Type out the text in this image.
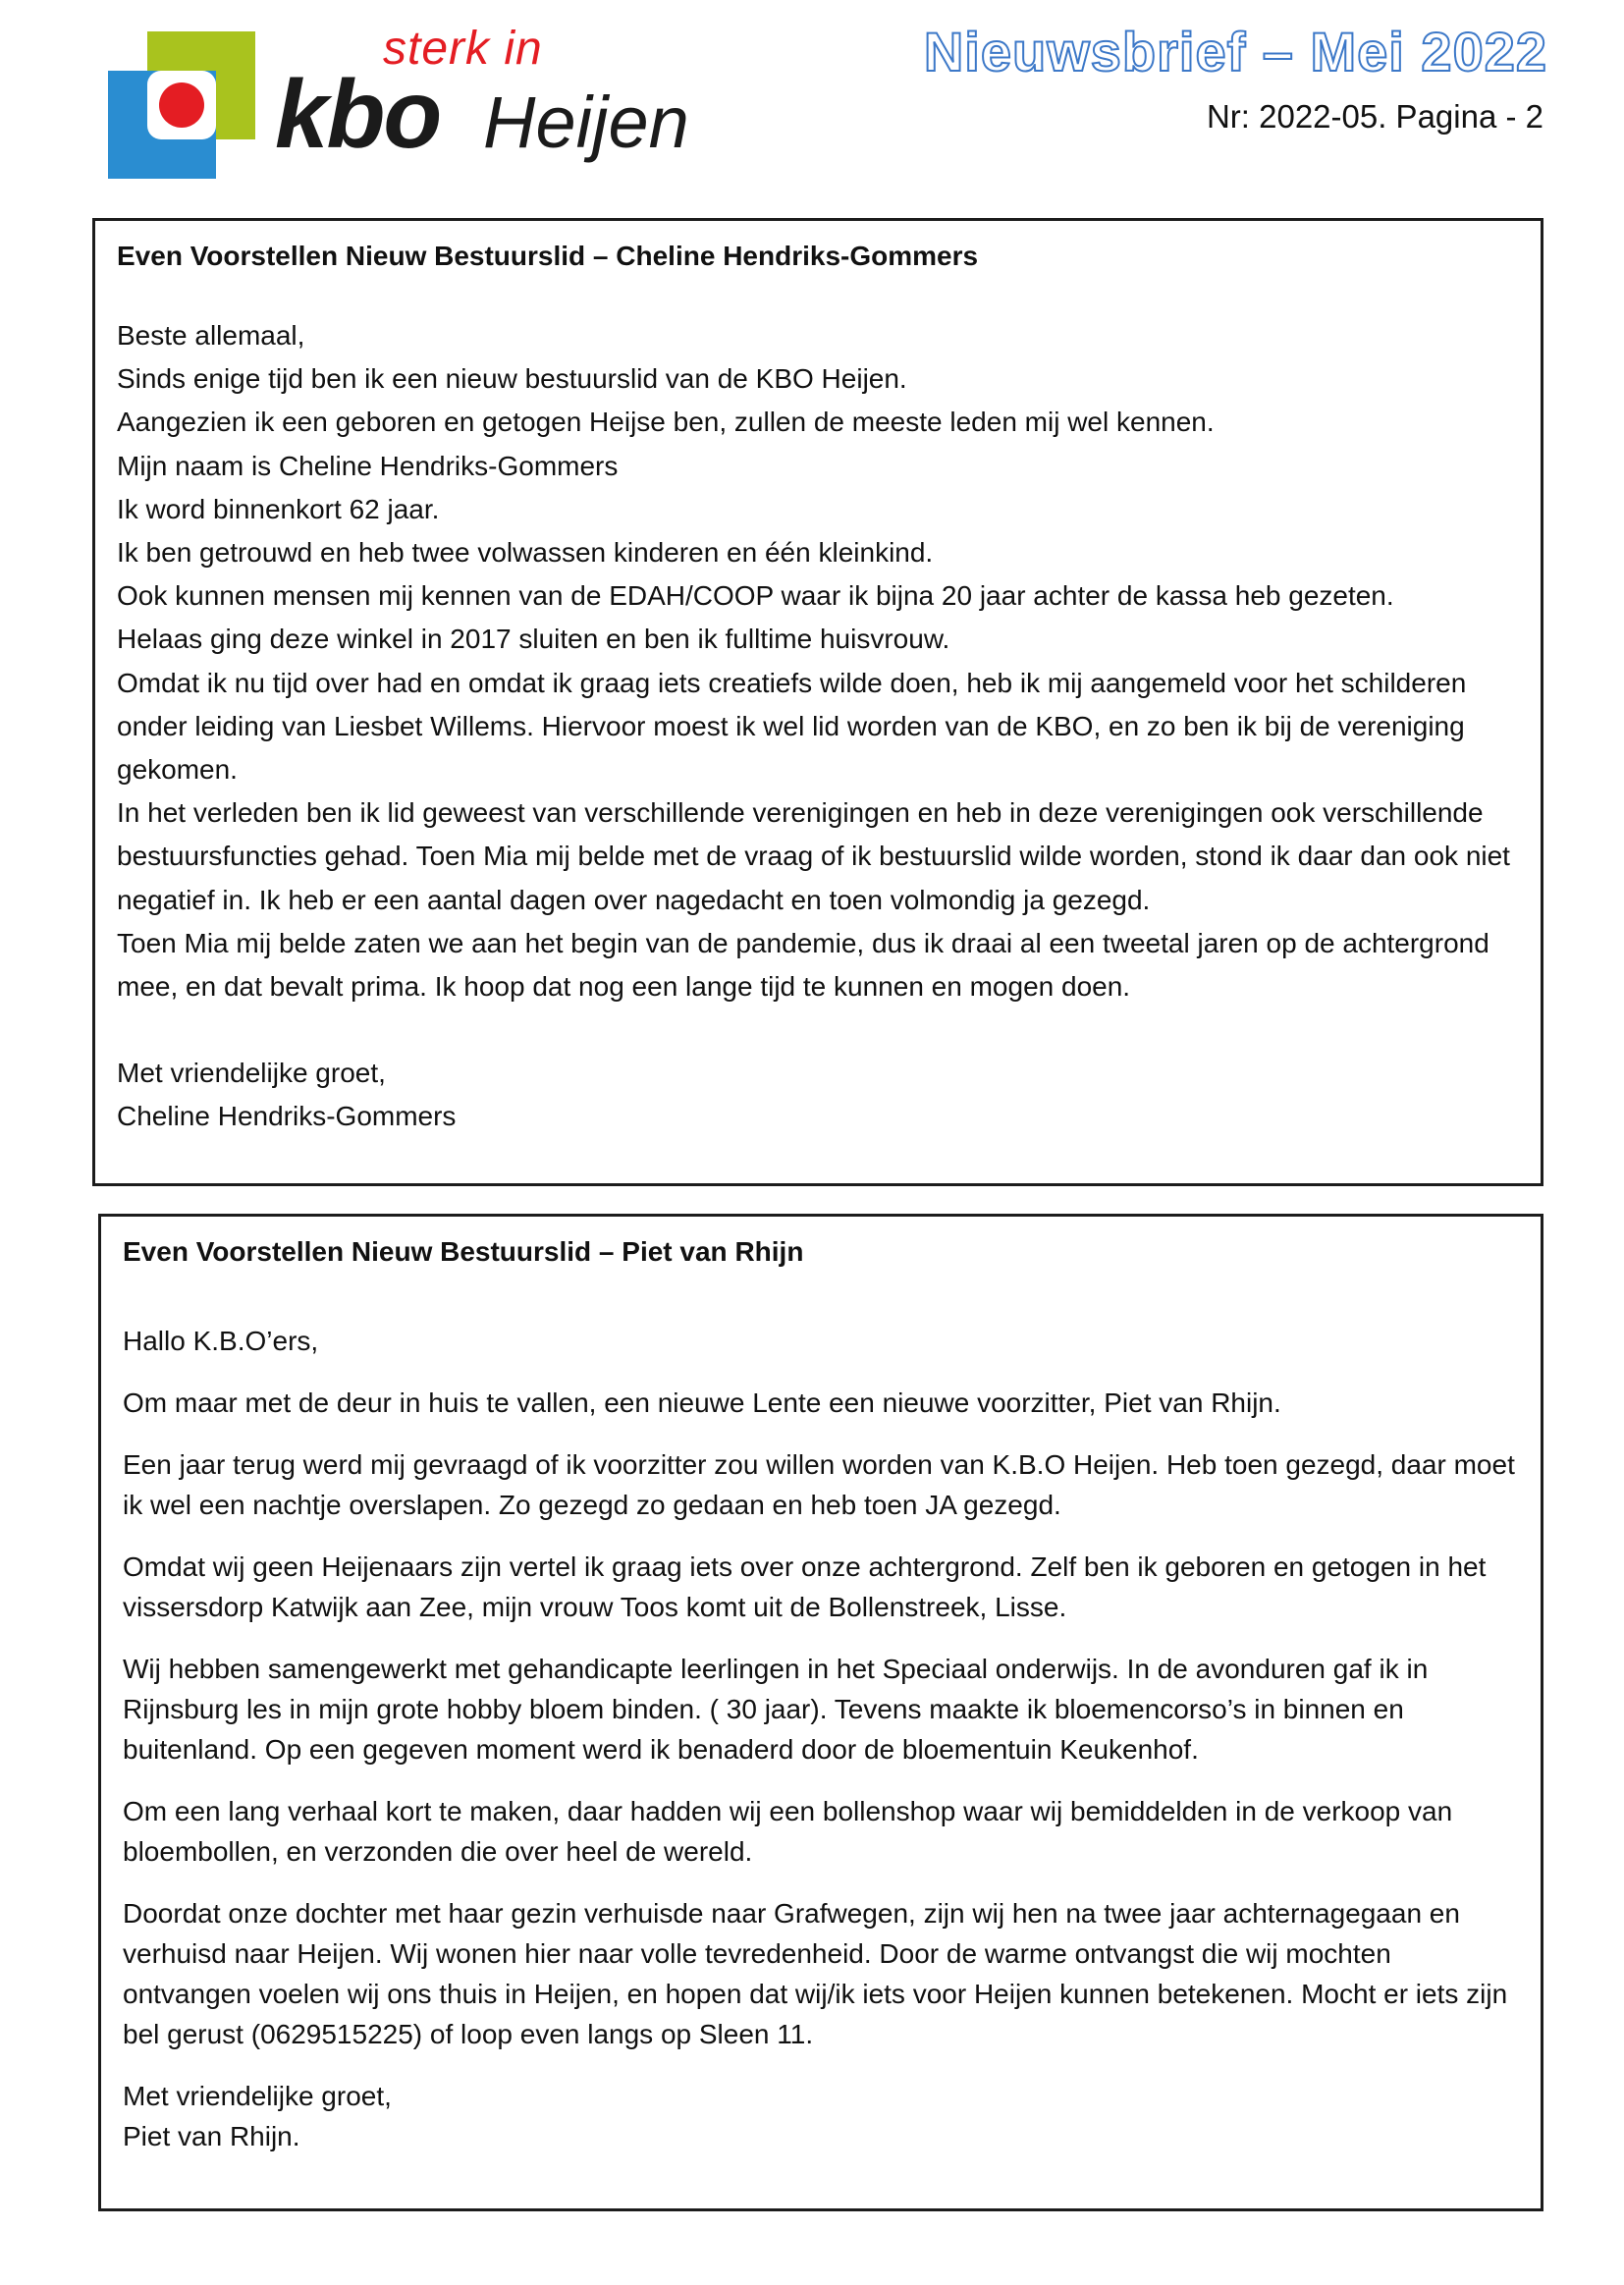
sterk in
kbo Heijen
Nieuwsbrief – Mei 2022
Nr: 2022-05. Pagina - 2

Even Voorstellen Nieuw Bestuurslid – Cheline Hendriks-Gommers

Beste allemaal,

Sinds enige tijd ben ik een nieuw bestuurslid van de KBO Heijen.

Aangezien ik een geboren en getogen Heijse ben, zullen de meeste leden mij wel kennen.

Mijn naam is Cheline Hendriks-Gommers

Ik word binnenkort 62 jaar.

Ik ben getrouwd en heb twee volwassen kinderen en één kleinkind.

Ook kunnen mensen mij kennen van de EDAH/COOP waar ik bijna 20 jaar achter de kassa heb gezeten.

Helaas ging deze winkel in 2017 sluiten en ben ik fulltime huisvrouw.

Omdat ik nu tijd over had en omdat ik graag iets creatiefs wilde doen, heb ik mij aangemeld voor het schilderen onder leiding van Liesbet Willems. Hiervoor moest ik wel lid worden van de KBO, en zo ben ik bij de vereniging gekomen.

In het verleden ben ik lid geweest van verschillende verenigingen en heb in deze verenigingen ook verschillende bestuursfuncties gehad. Toen Mia mij belde met de vraag of ik bestuurslid wilde worden, stond ik daar dan ook niet negatief in. Ik heb er een aantal dagen over nagedacht en toen volmondig ja gezegd.

Toen Mia mij belde zaten we aan het begin van de pandemie, dus ik draai al een tweetal jaren op de achtergrond mee, en dat bevalt prima. Ik hoop dat nog een lange tijd te kunnen en mogen doen.

Met vriendelijke groet,

Cheline Hendriks-Gommers

Even Voorstellen Nieuw Bestuurslid – Piet van Rhijn

Hallo K.B.O’ers,

Om maar met de deur in huis te vallen, een nieuwe Lente een nieuwe voorzitter, Piet van Rhijn.

Een jaar terug werd mij gevraagd of ik voorzitter zou willen worden van K.B.O Heijen. Heb toen gezegd, daar moet ik wel een nachtje overslapen. Zo gezegd zo gedaan en heb toen JA gezegd.

Omdat wij geen Heijenaars zijn vertel ik graag iets over onze achtergrond. Zelf ben ik geboren en getogen in het vissersdorp Katwijk aan Zee, mijn vrouw Toos komt uit de Bollenstreek, Lisse.

Wij hebben samengewerkt met gehandicapte leerlingen in het Speciaal onderwijs. In de avonduren gaf ik in Rijnsburg les in mijn grote hobby bloem binden. ( 30 jaar). Tevens maakte ik bloemencorso’s in binnen en buitenland. Op een gegeven moment werd ik benaderd door de bloementuin Keukenhof.

Om een lang verhaal kort te maken, daar hadden wij een bollenshop waar wij bemiddelden in de verkoop van bloembollen, en verzonden die over heel de wereld.

Doordat onze dochter met haar gezin verhuisde naar Grafwegen, zijn wij hen na twee jaar achternagegaan en verhuisd naar Heijen. Wij wonen hier naar volle tevredenheid. Door de warme ontvangst die wij mochten ontvangen voelen wij ons thuis in Heijen, en hopen dat wij/ik iets voor Heijen kunnen betekenen. Mocht er iets zijn bel gerust (0629515225) of loop even langs op Sleen 11.

Met vriendelijke groet,

Piet van Rhijn.
